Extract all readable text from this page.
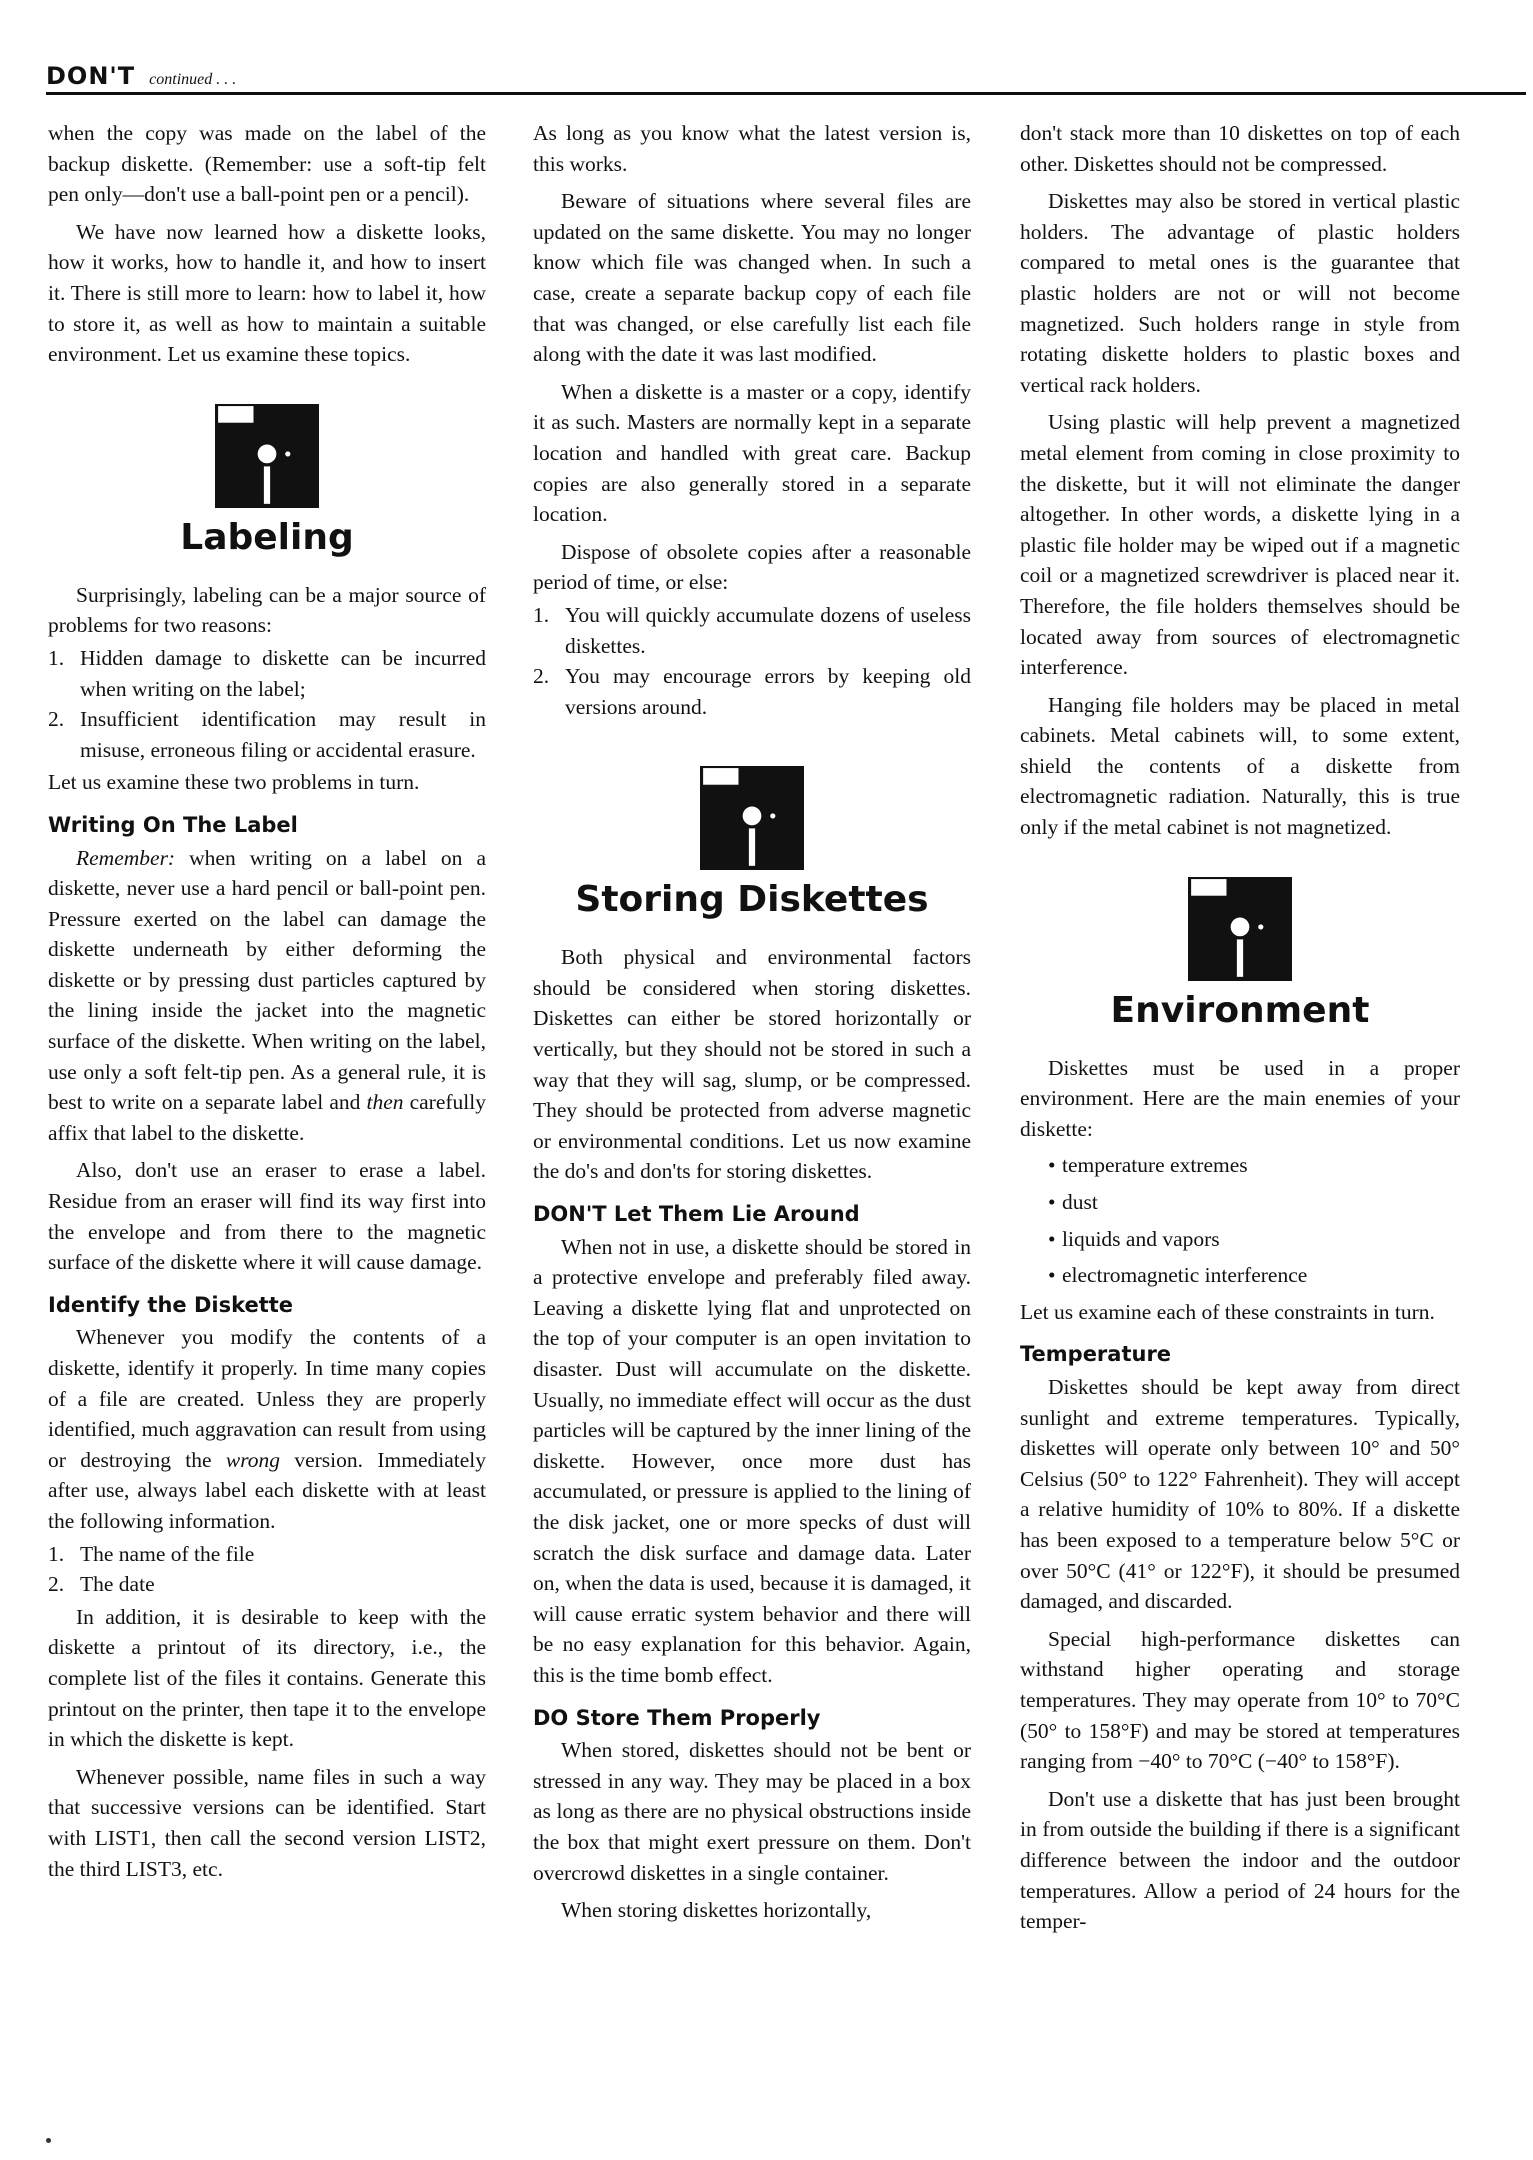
DON'T continued . . .

when the copy was made on the label of the backup diskette. (Remember: use a soft-tip felt pen only—don't use a ball-point pen or a pencil).

We have now learned how a diskette looks, how it works, how to handle it, and how to insert it. There is still more to learn: how to label it, how to store it, as well as how to maintain a suitable environment. Let us examine these topics.

Labeling

Surprisingly, labeling can be a major source of problems for two reasons:

1. Hidden damage to diskette can be incurred when writing on the label;
2. Insufficient identification may result in misuse, erroneous filing or accidental erasure.

Let us examine these two problems in turn.

Writing On The Label

Remember: when writing on a label on a diskette, never use a hard pencil or ball-point pen. Pressure exerted on the label can damage the diskette underneath by either deforming the diskette or by pressing dust particles captured by the lining inside the jacket into the magnetic surface of the diskette. When writing on the label, use only a soft felt-tip pen. As a general rule, it is best to write on a separate label and then carefully affix that label to the diskette.

Also, don't use an eraser to erase a label. Residue from an eraser will find its way first into the envelope and from there to the magnetic surface of the diskette where it will cause damage.

Identify the Diskette

Whenever you modify the contents of a diskette, identify it properly. In time many copies of a file are created. Unless they are properly identified, much aggravation can result from using or destroying the wrong version. Immediately after use, always label each diskette with at least the following information.

1. The name of the file
2. The date

In addition, it is desirable to keep with the diskette a printout of its directory, i.e., the complete list of the files it contains. Generate this printout on the printer, then tape it to the envelope in which the diskette is kept.

Whenever possible, name files in such a way that successive versions can be identified. Start with LIST1, then call the second version LIST2, the third LIST3, etc.

As long as you know what the latest version is, this works.

Beware of situations where several files are updated on the same diskette. You may no longer know which file was changed when. In such a case, create a separate backup copy of each file that was changed, or else carefully list each file along with the date it was last modified.

When a diskette is a master or a copy, identify it as such. Masters are normally kept in a separate location and handled with great care. Backup copies are also generally stored in a separate location.

Dispose of obsolete copies after a reasonable period of time, or else:

1. You will quickly accumulate dozens of useless diskettes.
2. You may encourage errors by keeping old versions around.
Storing Diskettes

Both physical and environmental factors should be considered when storing diskettes. Diskettes can either be stored horizontally or vertically, but they should not be stored in such a way that they will sag, slump, or be compressed. They should be protected from adverse magnetic or environmental conditions. Let us now examine the do's and don'ts for storing diskettes.

DON'T Let Them Lie Around

When not in use, a diskette should be stored in a protective envelope and preferably filed away. Leaving a diskette lying flat and unprotected on the top of your computer is an open invitation to disaster. Dust will accumulate on the diskette. Usually, no immediate effect will occur as the dust particles will be captured by the inner lining of the diskette. However, once more dust has accumulated, or pressure is applied to the lining of the disk jacket, one or more specks of dust will scratch the disk surface and damage data. Later on, when the data is used, because it is damaged, it will cause erratic system behavior and there will be no easy explanation for this behavior. Again, this is the time bomb effect.

DO Store Them Properly

When stored, diskettes should not be bent or stressed in any way. They may be placed in a box as long as there are no physical obstructions inside the box that might exert pressure on them. Don't overcrowd diskettes in a single container.

When storing diskettes horizontally,

don't stack more than 10 diskettes on top of each other. Diskettes should not be compressed.

Diskettes may also be stored in vertical plastic holders. The advantage of plastic holders compared to metal ones is the guarantee that plastic holders are not or will not become magnetized. Such holders range in style from rotating diskette holders to plastic boxes and vertical rack holders.

Using plastic will help prevent a magnetized metal element from coming in close proximity to the diskette, but it will not eliminate the danger altogether. In other words, a diskette lying in a plastic file holder may be wiped out if a magnetic coil or a magnetized screwdriver is placed near it. Therefore, the file holders themselves should be located away from sources of electromagnetic interference.

Hanging file holders may be placed in metal cabinets. Metal cabinets will, to some extent, shield the contents of a diskette from electromagnetic radiation. Naturally, this is true only if the metal cabinet is not magnetized.

Environment

Diskettes must be used in a proper environment. Here are the main enemies of your diskette:

• temperature extremes
• dust
• liquids and vapors
• electromagnetic interference

Let us examine each of these constraints in turn.

Temperature

Diskettes should be kept away from direct sunlight and extreme temperatures. Typically, diskettes will operate only between 10° and 50° Celsius (50° to 122° Fahrenheit). They will accept a relative humidity of 10% to 80%. If a diskette has been exposed to a temperature below 5°C or over 50°C (41° or 122°F), it should be presumed damaged, and discarded.

Special high-performance diskettes can withstand higher operating and storage temperatures. They may operate from 10° to 70°C (50° to 158°F) and may be stored at temperatures ranging from −40° to 70°C (−40° to 158°F).

Don't use a diskette that has just been brought in from outside the building if there is a significant difference between the indoor and the outdoor temperatures. Allow a period of 24 hours for the temper-
